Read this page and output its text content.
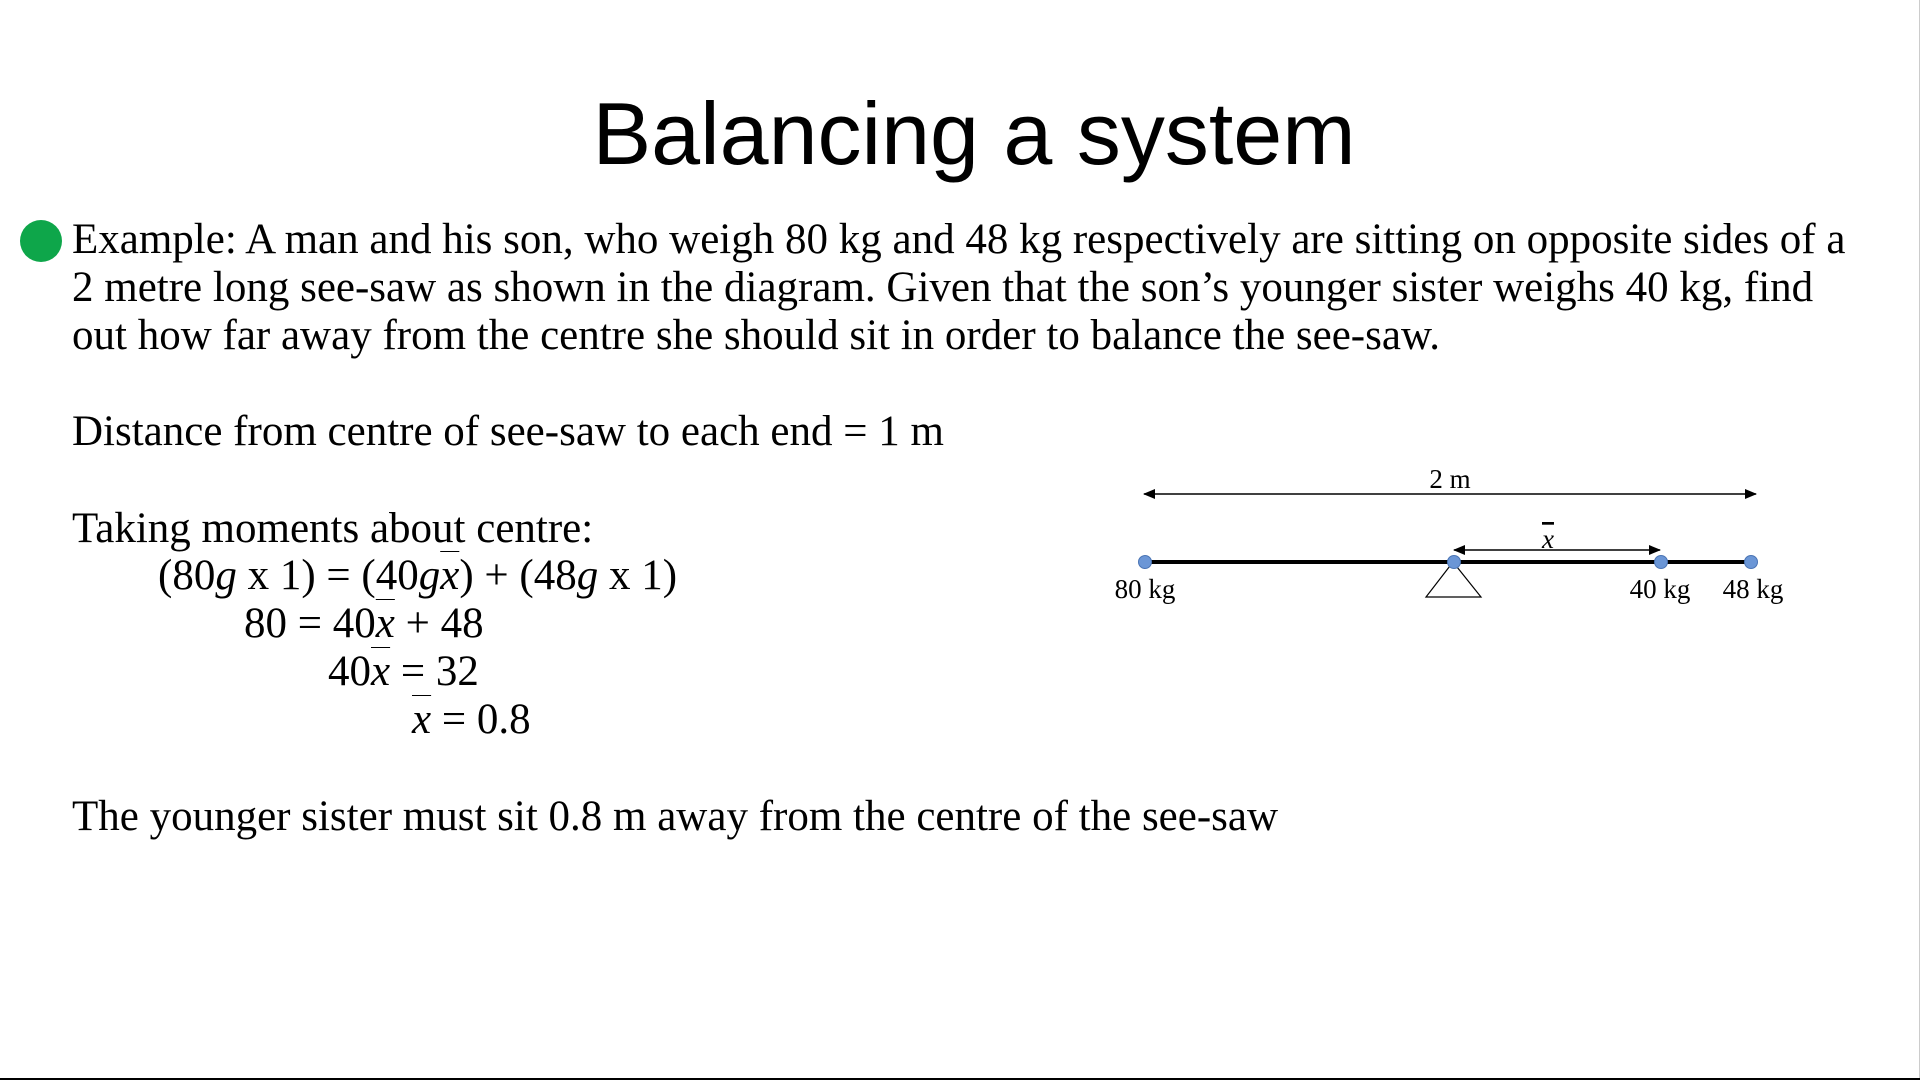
Balancing a system
Example: A man and his son, who weigh 80 kg and 48 kg respectively are sitting on opposite sides of a
2 metre long see-saw as shown in the diagram. Given that the son’s younger sister weighs 40 kg, find
out how far away from the centre she should sit in order to balance the see-saw.
Distance from centre of see-saw to each end = 1 m
Taking moments about centre:
(80g x $1) = (40g\overline{x}) + (48g$ x 1)
$80 = 40\overline{x} + 48$
$40\overline{x} = 32$
$\overline{x} = 0.8$
The younger sister must sit 0.8 m away from the centre of the see-saw
2 m
x
80 kg	40 kg 48 kg
